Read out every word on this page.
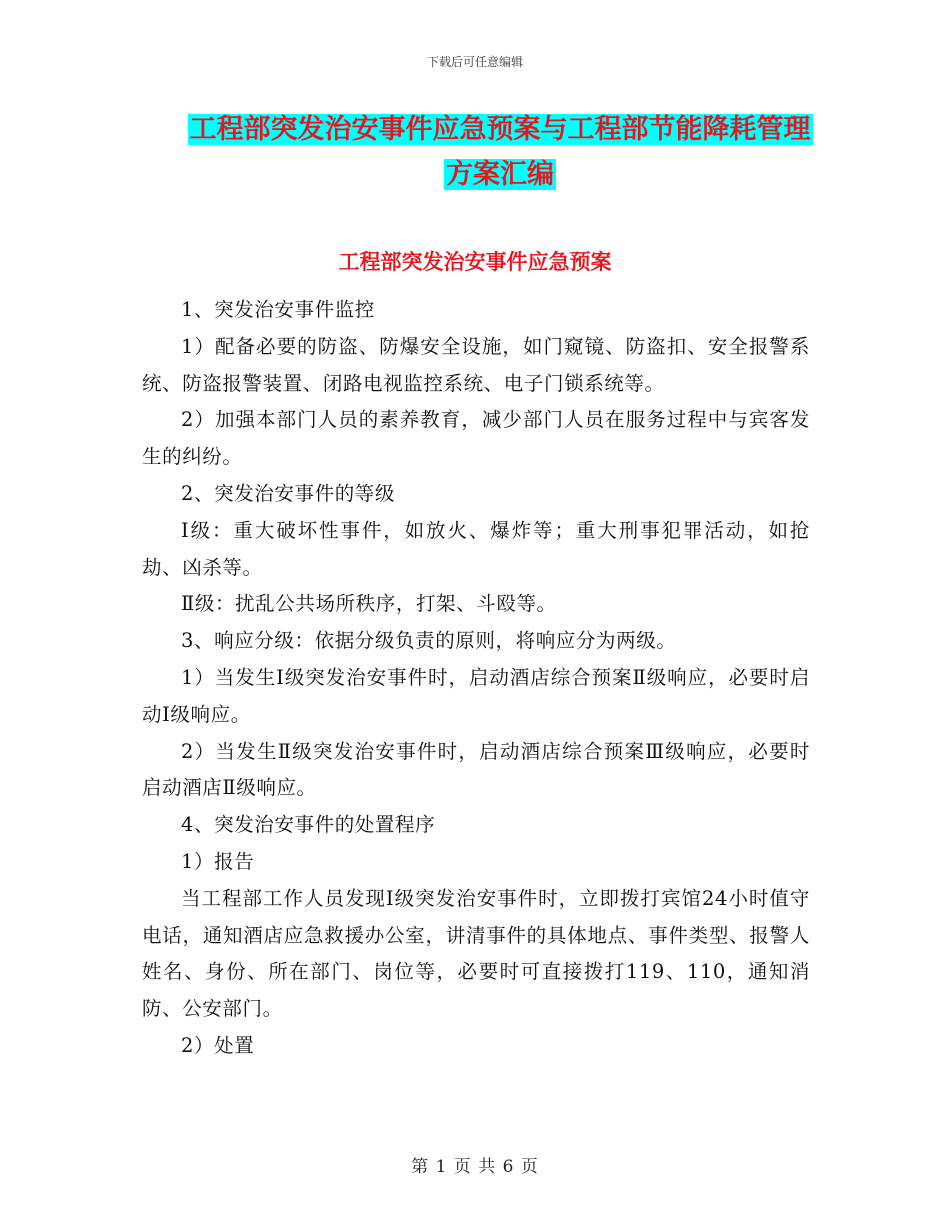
下载后可任意编辑
工程部突发治安事件应急预案与工程部节能降耗管理
方案汇编
工程部突发治安事件应急预案

1、突发治安事件监控

1）配备必要的防盗、防爆安全设施，如门窥镜、防盗扣、安全报警系统、防盗报警装置、闭路电视监控系统、电子门锁系统等。

2）加强本部门人员的素养教育，减少部门人员在服务过程中与宾客发生的纠纷。

2、突发治安事件的等级

Ⅰ级：重大破坏性事件，如放火、爆炸等；重大刑事犯罪活动，如抢劫、凶杀等。

Ⅱ级：扰乱公共场所秩序，打架、斗殴等。

3、响应分级：依据分级负责的原则，将响应分为两级。

1）当发生Ⅰ级突发治安事件时，启动酒店综合预案Ⅱ级响应，必要时启动Ⅰ级响应。

2）当发生Ⅱ级突发治安事件时，启动酒店综合预案Ⅲ级响应，必要时启动酒店Ⅱ级响应。

4、突发治安事件的处置程序

1）报告

当工程部工作人员发现Ⅰ级突发治安事件时，立即拨打宾馆24小时值守电话，通知酒店应急救援办公室，讲清事件的具体地点、事件类型、报警人姓名、身份、所在部门、岗位等，必要时可直接拨打119、110，通知消防、公安部门。

2）处置

第 1 页 共 6 页
